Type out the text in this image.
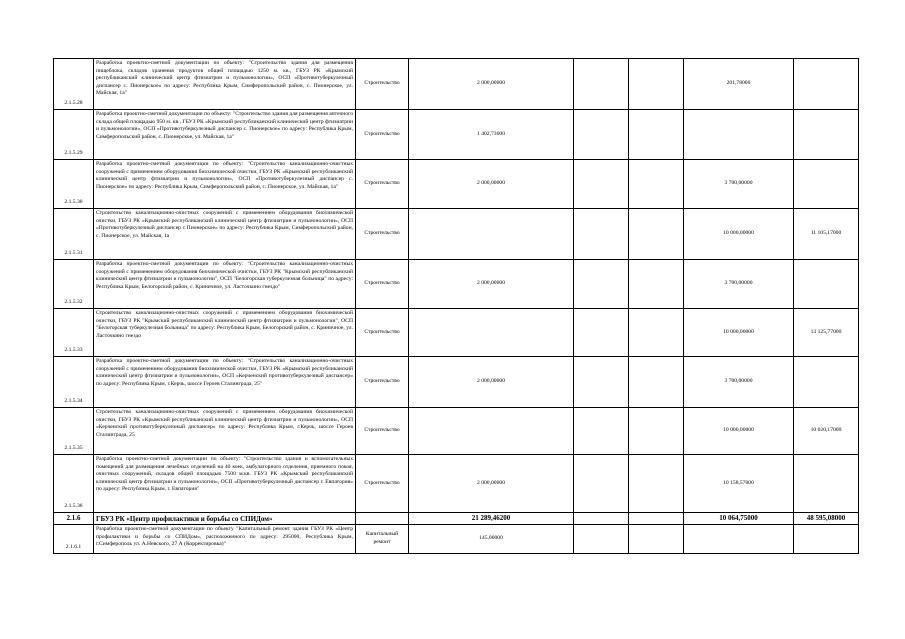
2.1.5.28	Разработка проектно-сметной документации по объекту: "Строительство здания для размещения пищеблока, складов хранения продуктов общей площадью 1250 м. кв., ГБУЗ РК «Крымский республиканский клинический центр фтизиатрии и пульмонологии», ОСП «Противотуберкулезный диспансер с. Пионерское» по адресу: Республика Крым, Симферопольский район, с. Пионерское, ул. Майская, 1а"	Строительство	2 000,00000			201,78000	
2.1.5.29	Разработка проектно-сметной документации по объекту: "Строительство здания для размещения аптечного склада общей площадью 950 м. кв., ГБУЗ РК «Крымский республиканский клинический центр фтизиатрии и пульмонологии», ОСП «Противотуберкулезный диспансер с. Пионерское» по адресу: Республика Крым, Симферопольский район, с. Пионерское, ул. Майская, 1а"	Строительство	1 402,73000				
2.1.5.30	Разработка проектно-сметной документации по объекту: "Строительство канализационно-очистных сооружений с применением оборудования биохимической очистки, ГБУЗ РК «Крымский республиканский клинический центр фтизиатрии и пульмонологии», ОСП «Противотуберкулезный диспансер с. Пионерское» по адресу: Республика Крым, Симферопольский район, с. Пионерское, ул. Майская, 1а"	Строительство	2 000,00000			3 700,00000	
2.1.5.31	Строительство канализационно-очистных сооружений с применением оборудования биохимической очистки, ГБУЗ РК «Крымский республиканский клинический центр фтизиатрии и пульмонологии», ОСП «Противотуберкулезный диспансер с Пионерское» по адресу: Республика Крым, Симферопольский район, с. Пионерское, ул. Майская, 1а	Строительство				10 000,00000	11 105,17000
2.1.5.32	Разработка проектно-сметной документации по объекту: "Строительство канализационно-очистных сооружений с применением оборудования биохимической очистки, ГБУЗ РК "Крымский республиканский клинический центр фтизиатрии и пульмонологии", ОСП "Белогорская туберкулезная больница" по адресу: Республика Крым, Белогорский район, с. Криничное, ул. Ласточкино гнездо"	Строительство	2 000,00000			3 700,00000	
2.1.5.33	Строительство канализационно-очистных сооружений с применением оборудования биохимической очистки, ГБУЗ РК "Крымский республиканский клинический центр фтизиатрии и пульмонологии", ОСП "Белогорская туберкулезная больница" по адресу: Республика Крым, Белогорский район, с. Криничное, ул. Ласточкино гнездо	Строительство				10 000,00000	13 125,77000
2.1.5.34	Разработка проектно-сметной документации по объекту: "Строительство канализационно-очистных сооружений с применением оборудования биохимической очистки, ГБУЗ РК «Крымский республиканский клинический центр фтизиатрии и пульмонологии», ОСП «Керченский противотуберкулезный диспансер» по адресу: Республика Крым, г.Керчь, шоссе Героев Сталинграда, 25"	Строительство	2 000,00000			3 700,00000	
2.1.5.35	Строительство канализационно-очистных сооружений с применением оборудования биохимической очистки, ГБУЗ РК «Крымский республиканский клинический центр фтизиатрии и пульмонологии», ОСП «Керченский противотуберкулезный диспансер» по адресу: Республика Крым, г.Керчь, шоссе Героев Сталинграда, 25	Строительство				10 000,00000	10 020,17000
2.1.5.36	Разработка проектно-сметной документации по объекту: "Строительство здания и вспомогательных помещений для размещения лечебных отделений на 40 коек, амбулаторного отделения, приемного покоя, очистных сооружений, складов общей площадью 7500 м.кв. ГБУЗ РК «Крымский республиканский клинический центр фтизиатрии и пульмонологии», ОСП «Противотуберкулезный диспансер г. Евпатория» по адресу: Республика Крым, г. Евпатория"	Строительство	2 000,00000			10 158,57000	
2.1.6	ГБУЗ РК «Центр профилактики и борьбы со СПИДом»		21 289,46200			10 064,75000	48 595,08000
2.1.6.1	Разработка проектно-сметной документации по объекту "Капитальный ремонт здания ГБУЗ РК «Центр профилактики и борьбы со СПИДом», расположенного по адресу: 295000, Республика Крым, г.Симферополь ул. А.Невского, 27 А (Корректировка)"	Капитальный ремонт	145,00000				
